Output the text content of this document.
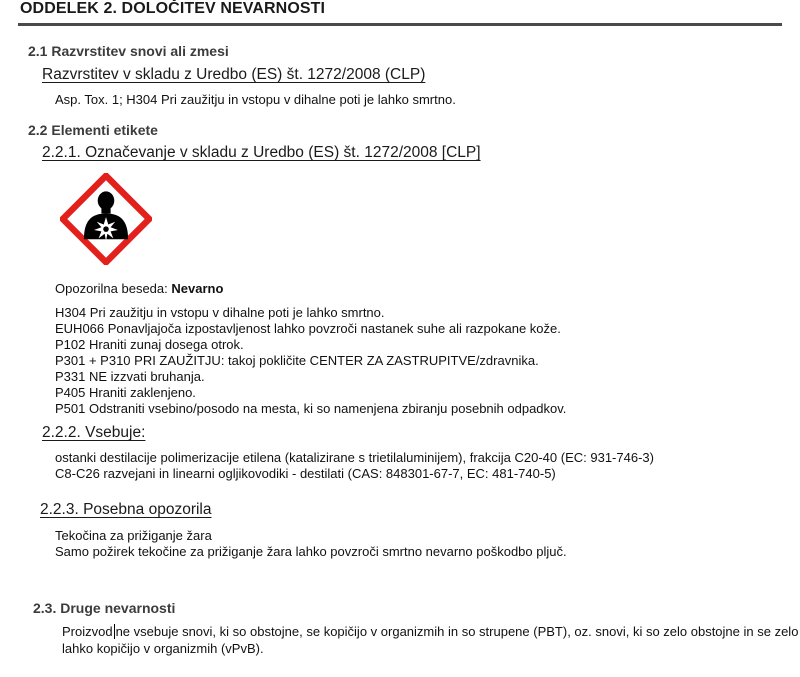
ODDELEK 2. DOLOČITEV NEVARNOSTI
2.1 Razvrstitev snovi ali zmesi
Razvrstitev v skladu z Uredbo (ES) št. 1272/2008 (CLP)
Asp. Tox. 1; H304 Pri zaužitju in vstopu v dihalne poti je lahko smrtno.
2.2 Elementi etikete
2.2.1. Označevanje v skladu z Uredbo (ES) št. 1272/2008 [CLP]
Opozorilna beseda: Nevarno
H304 Pri zaužitju in vstopu v dihalne poti je lahko smrtno.
EUH066 Ponavljajoča izpostavljenost lahko povzroči nastanek suhe ali razpokane kože.
P102 Hraniti zunaj dosega otrok.
P301 + P310 PRI ZAUŽITJU: takoj pokličite CENTER ZA ZASTRUPITVE/zdravnika.
P331 NE izzvati bruhanja.
P405 Hraniti zaklenjeno.
P501 Odstraniti vsebino/posodo na mesta, ki so namenjena zbiranju posebnih odpadkov.
2.2.2. Vsebuje:
ostanki destilacije polimerizacije etilena (katalizirane s trietilaluminijem), frakcija C20-40 (EC: 931-746-3)
C8-C26 razvejani in linearni ogljikovodiki - destilati (CAS: 848301-67-7, EC: 481-740-5)
2.2.3. Posebna opozorila
Tekočina za prižiganje žara
Samo požirek tekočine za prižiganje žara lahko povzroči smrtno nevarno poškodbo pljuč.
2.3. Druge nevarnosti
Proizvod ne vsebuje snovi, ki so obstojne, se kopičijo v organizmih in so strupene (PBT), oz. snovi, ki so zelo obstojne in se zelo
lahko kopičijo v organizmih (vPvB).
